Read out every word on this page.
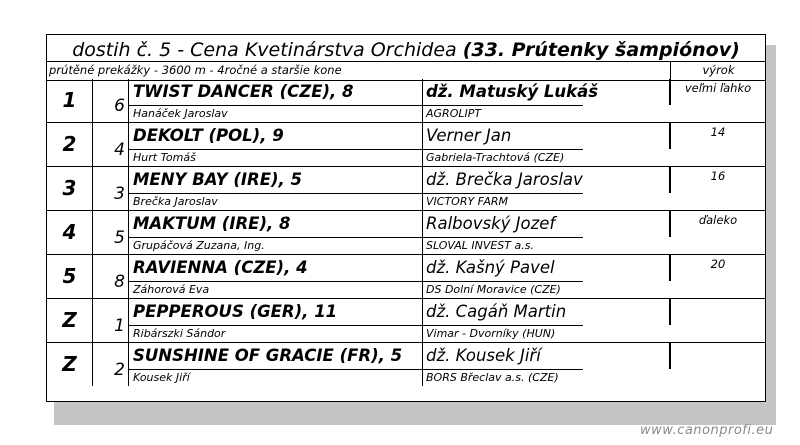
dostih č. 5 - Cena Kvetinárstva Orchidea (33. Prútenky šampiónov)
prútěné prekážky - 3600 m - 4ročné a staršie kone	výrok
1	6
TWIST DANCER (CZE), 8	dž. Matuský Lukáš	veľmi ľahko
Hanáček Jaroslav	AGROLIPT
2	4
DEKOLT (POL), 9	Verner Jan	14
Hurt Tomáš	Gabriela-Trachtová (CZE)
3	3
MENY BAY (IRE), 5	dž. Brečka Jaroslav	16
Brečka Jaroslav	VICTORY FARM
4	5
MAKTUM (IRE), 8	Ralbovský Jozef	ďaleko
Grupáčová Zuzana, Ing.	SLOVAL INVEST a.s.
5	8
RAVIENNA (CZE), 4	dž. Kašný Pavel	20
Záhorová Eva	DS Dolní Moravice (CZE)
Z	1
PEPPEROUS (GER), 11	dž. Cagáň Martin
Ribárszki Sándor	Vimar - Dvorníky (HUN)
Z	2
SUNSHINE OF GRACIE (FR), 5	dž. Kousek Jiří
Kousek Jiří	BORS Břeclav a.s. (CZE)
www.canonprofi.eu
